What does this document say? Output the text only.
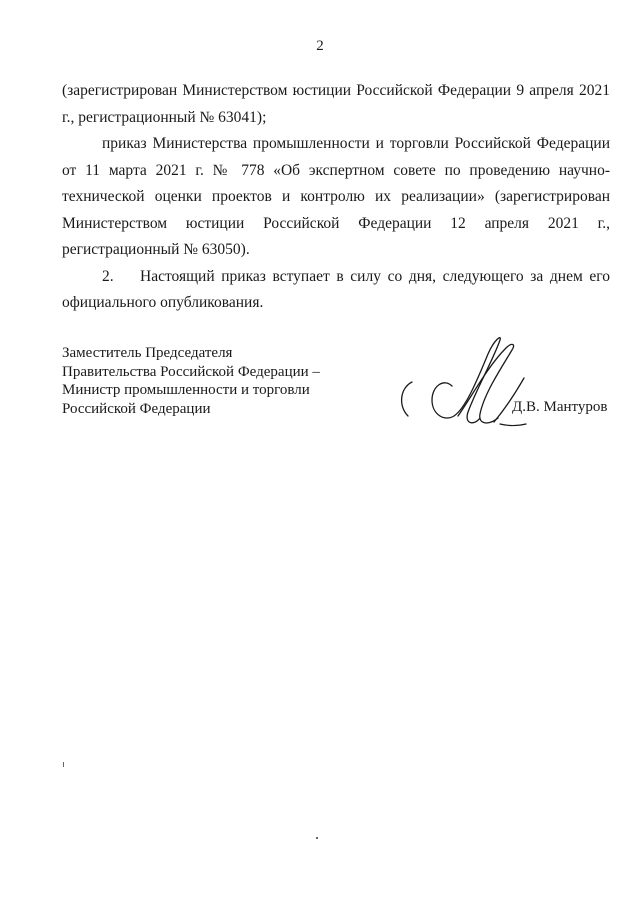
2

(зарегистрирован Министерством юстиции Российской Федерации 9 апреля 2021 г., регистрационный № 63041);

приказ Министерства промышленности и торговли Российской Федерации от 11 марта 2021 г. № 778 «Об экспертном совете по проведению научно-технической оценки проектов и контролю их реализации» (зарегистрирован Министерством юстиции Российской Федерации 12 апреля 2021 г., регистрационный № 63050).

2. Настоящий приказ вступает в силу со дня, следующего за днем его официального опубликования.

Заместитель Председателя
Правительства Российской Федерации –
Министр промышленности и торговли
Российской Федерации	Д.В. Мантуров
